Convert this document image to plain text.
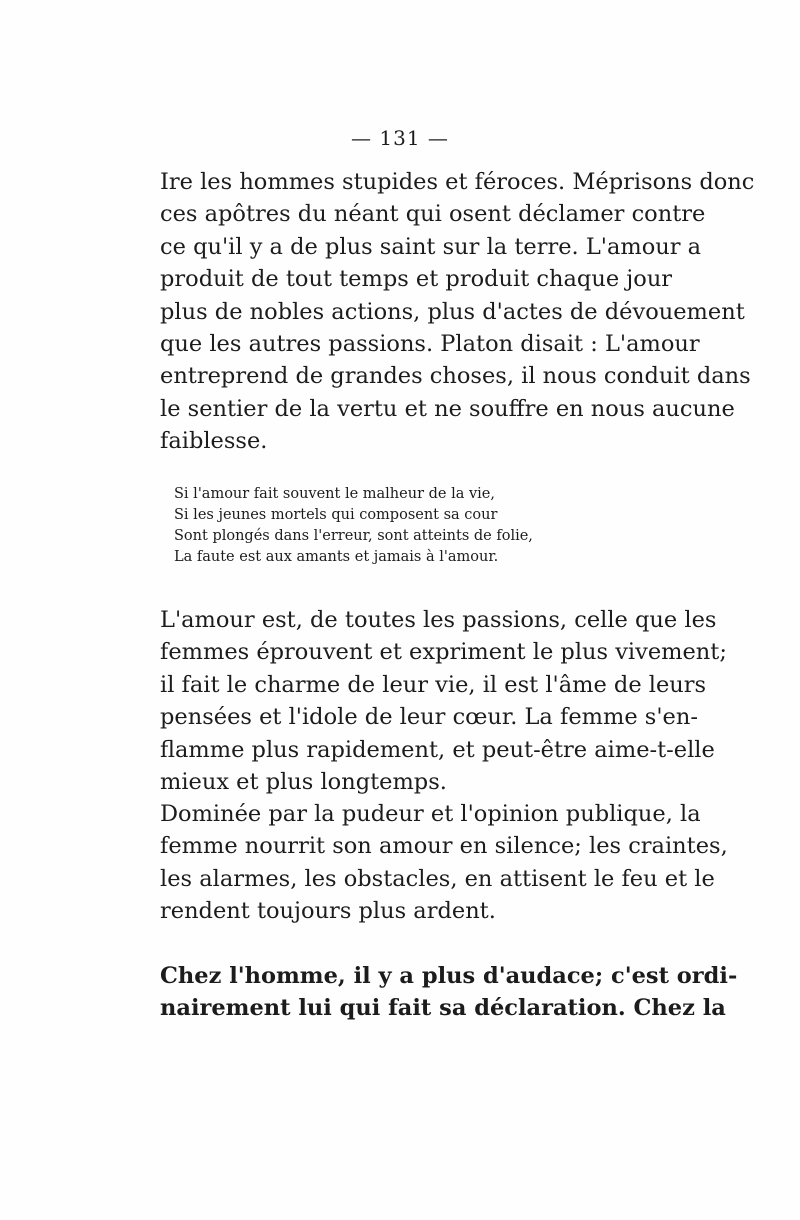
— 131 —
Ire les hommes stupides et féroces. Méprisons donc
ces apôtres du néant qui osent déclamer contre
ce qu'il y a de plus saint sur la terre. L'amour a
produit de tout temps et produit chaque jour
plus de nobles actions, plus d'actes de dévouement
que les autres passions. Platon disait : L'amour
entreprend de grandes choses, il nous conduit dans
le sentier de la vertu et ne souffre en nous aucune
faiblesse.
Si l'amour fait souvent le malheur de la vie,
Si les jeunes mortels qui composent sa cour
Sont plongés dans l'erreur, sont atteints de folie,
La faute est aux amants et jamais à l'amour.
L'amour est, de toutes les passions, celle que les
femmes éprouvent et expriment le plus vivement;
il fait le charme de leur vie, il est l'âme de leurs
pensées et l'idole de leur cœur. La femme s'en-
flamme plus rapidement, et peut-être aime-t-elle
mieux et plus longtemps.
Dominée par la pudeur et l'opinion publique, la
femme nourrit son amour en silence; les craintes,
les alarmes, les obstacles, en attisent le feu et le
rendent toujours plus ardent.
Chez l'homme, il y a plus d'audace; c'est ordi-
nairement lui qui fait sa déclaration. Chez la
